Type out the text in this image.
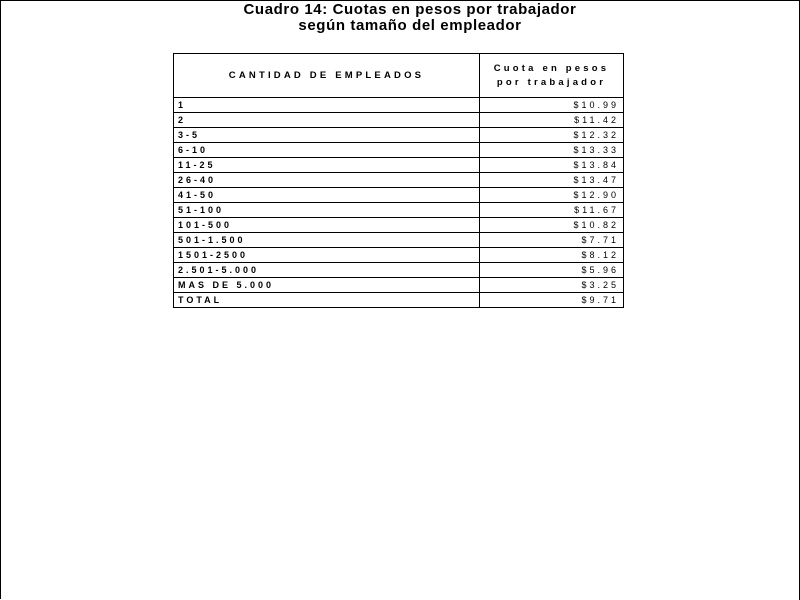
Cuadro 14: Cuotas en pesos por trabajador
según tamaño del empleador
CANTIDAD DE EMPLEADOS	Cuota en pesos
por trabajador

1	$10.99
2	$11.42
3-5	$12.32
6-10	$13.33
11-25	$13.84
26-40	$13.47
41-50	$12.90
51-100	$11.67
101-500	$10.82
501-1.500	$7.71
1501-2500	$8.12
2.501-5.000	$5.96
MAS DE 5.000	$3.25
TOTAL	$9.71
